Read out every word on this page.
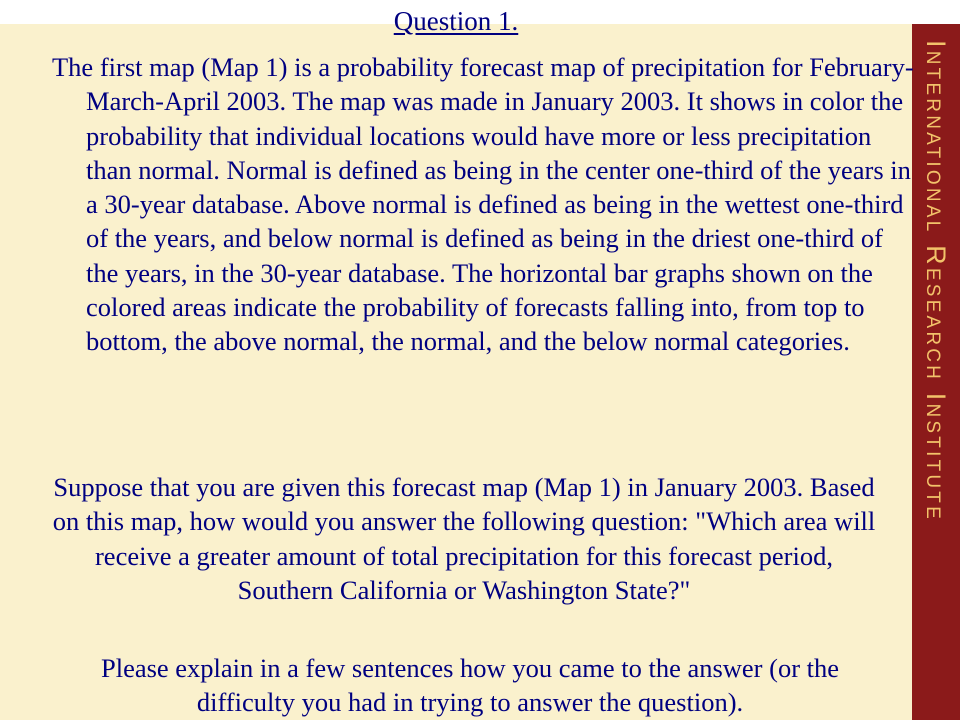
International Research Institute
Question 1.

The first map (Map 1) is a probability forecast map of precipitation for February-March-April 2003. The map was made in January 2003. It shows in color the probability that individual locations would have more or less precipitation than normal. Normal is defined as being in the center one-third of the years in a 30-year database. Above normal is defined as being in the wettest one-third of the years, and below normal is defined as being in the driest one-third of the years, in the 30-year database. The horizontal bar graphs shown on the colored areas indicate the probability of forecasts falling into, from top to bottom, the above normal, the normal, and the below normal categories.

Suppose that you are given this forecast map (Map 1) in January 2003. Based on this map, how would you answer the following question: "Which area will receive a greater amount of total precipitation for this forecast period, Southern California or Washington State?"

Please explain in a few sentences how you came to the answer (or the difficulty you had in trying to answer the question).
